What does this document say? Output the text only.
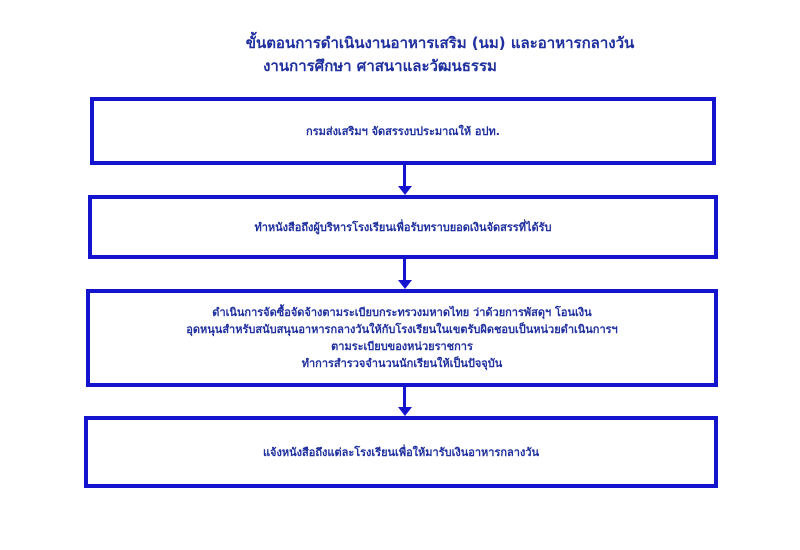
ขั้นตอนการดำเนินงานอาหารเสริม (นม) และอาหารกลางวัน
งานการศึกษา ศาสนาและวัฒนธรรม
กรมส่งเสริมฯ จัดสรรงบประมาณให้ อปท.
ทำหนังสือถึงผู้บริหารโรงเรียนเพื่อรับทราบยอดเงินจัดสรรที่ได้รับ
ดำเนินการจัดซื้อจัดจ้างตามระเบียบกระทรวงมหาดไทย ว่าด้วยการพัสดุฯ โอนเงิน
อุดหนุนสำหรับสนับสนุนอาหารกลางวันให้กับโรงเรียนในเขตรับผิดชอบเป็นหน่วยดำเนินการฯ
ตามระเบียบของหน่วยราชการ
ทำการสำรวจจำนวนนักเรียนให้เป็นปัจจุบัน
แจ้งหนังสือถึงแต่ละโรงเรียนเพื่อให้มารับเงินอาหารกลางวัน
